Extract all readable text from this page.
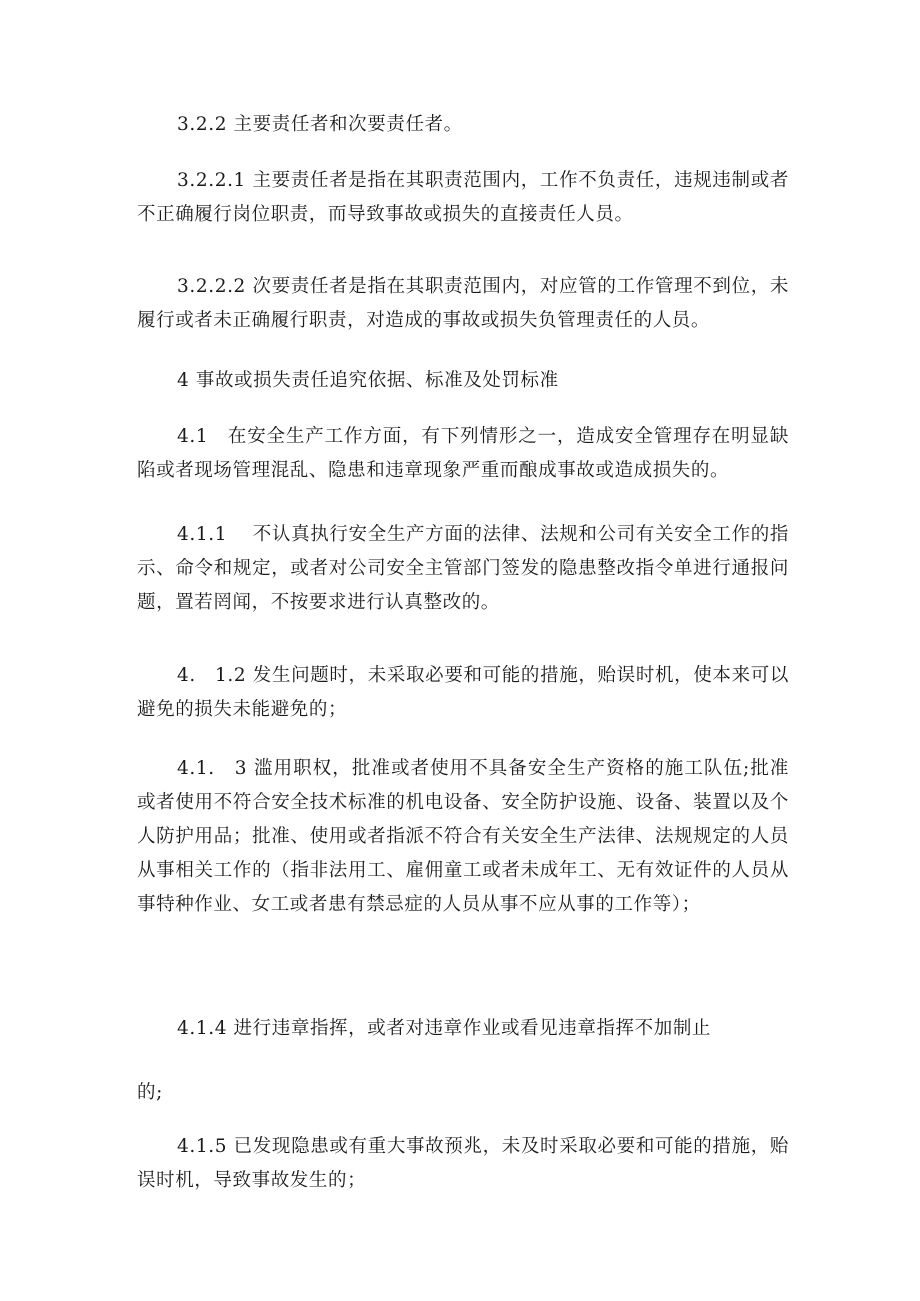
3.2.2 主要责任者和次要责任者。

3.2.2.1 主要责任者是指在其职责范围内，工作不负责任，违规违制或者不正确履行岗位职责，而导致事故或损失的直接责任人员。

3.2.2.2 次要责任者是指在其职责范围内，对应管的工作管理不到位，未履行或者未正确履行职责，对造成的事故或损失负管理责任的人员。

4 事故或损失责任追究依据、标准及处罚标准

4.1　在安全生产工作方面，有下列情形之一，造成安全管理存在明显缺陷或者现场管理混乱、隐患和违章现象严重而酿成事故或造成损失的。

4.1.1　 不认真执行安全生产方面的法律、法规和公司有关安全工作的指示、命令和规定，或者对公司安全主管部门签发的隐患整改指令单进行通报问题，置若罔闻，不按要求进行认真整改的。

4.　1.2 发生问题时，未采取必要和可能的措施，贻误时机，使本来可以避免的损失未能避免的；

4.1.　3 滥用职权，批准或者使用不具备安全生产资格的施工队伍;批准或者使用不符合安全技术标准的机电设备、安全防护设施、设备、装置以及个人防护用品；批准、使用或者指派不符合有关安全生产法律、法规规定的人员从事相关工作的（指非法用工、雇佣童工或者未成年工、无有效证件的人员从事特种作业、女工或者患有禁忌症的人员从事不应从事的工作等）；

4.1.4 进行违章指挥，或者对违章作业或看见违章指挥不加制止

的;

4.1.5 已发现隐患或有重大事故预兆，未及时采取必要和可能的措施，贻误时机，导致事故发生的；
